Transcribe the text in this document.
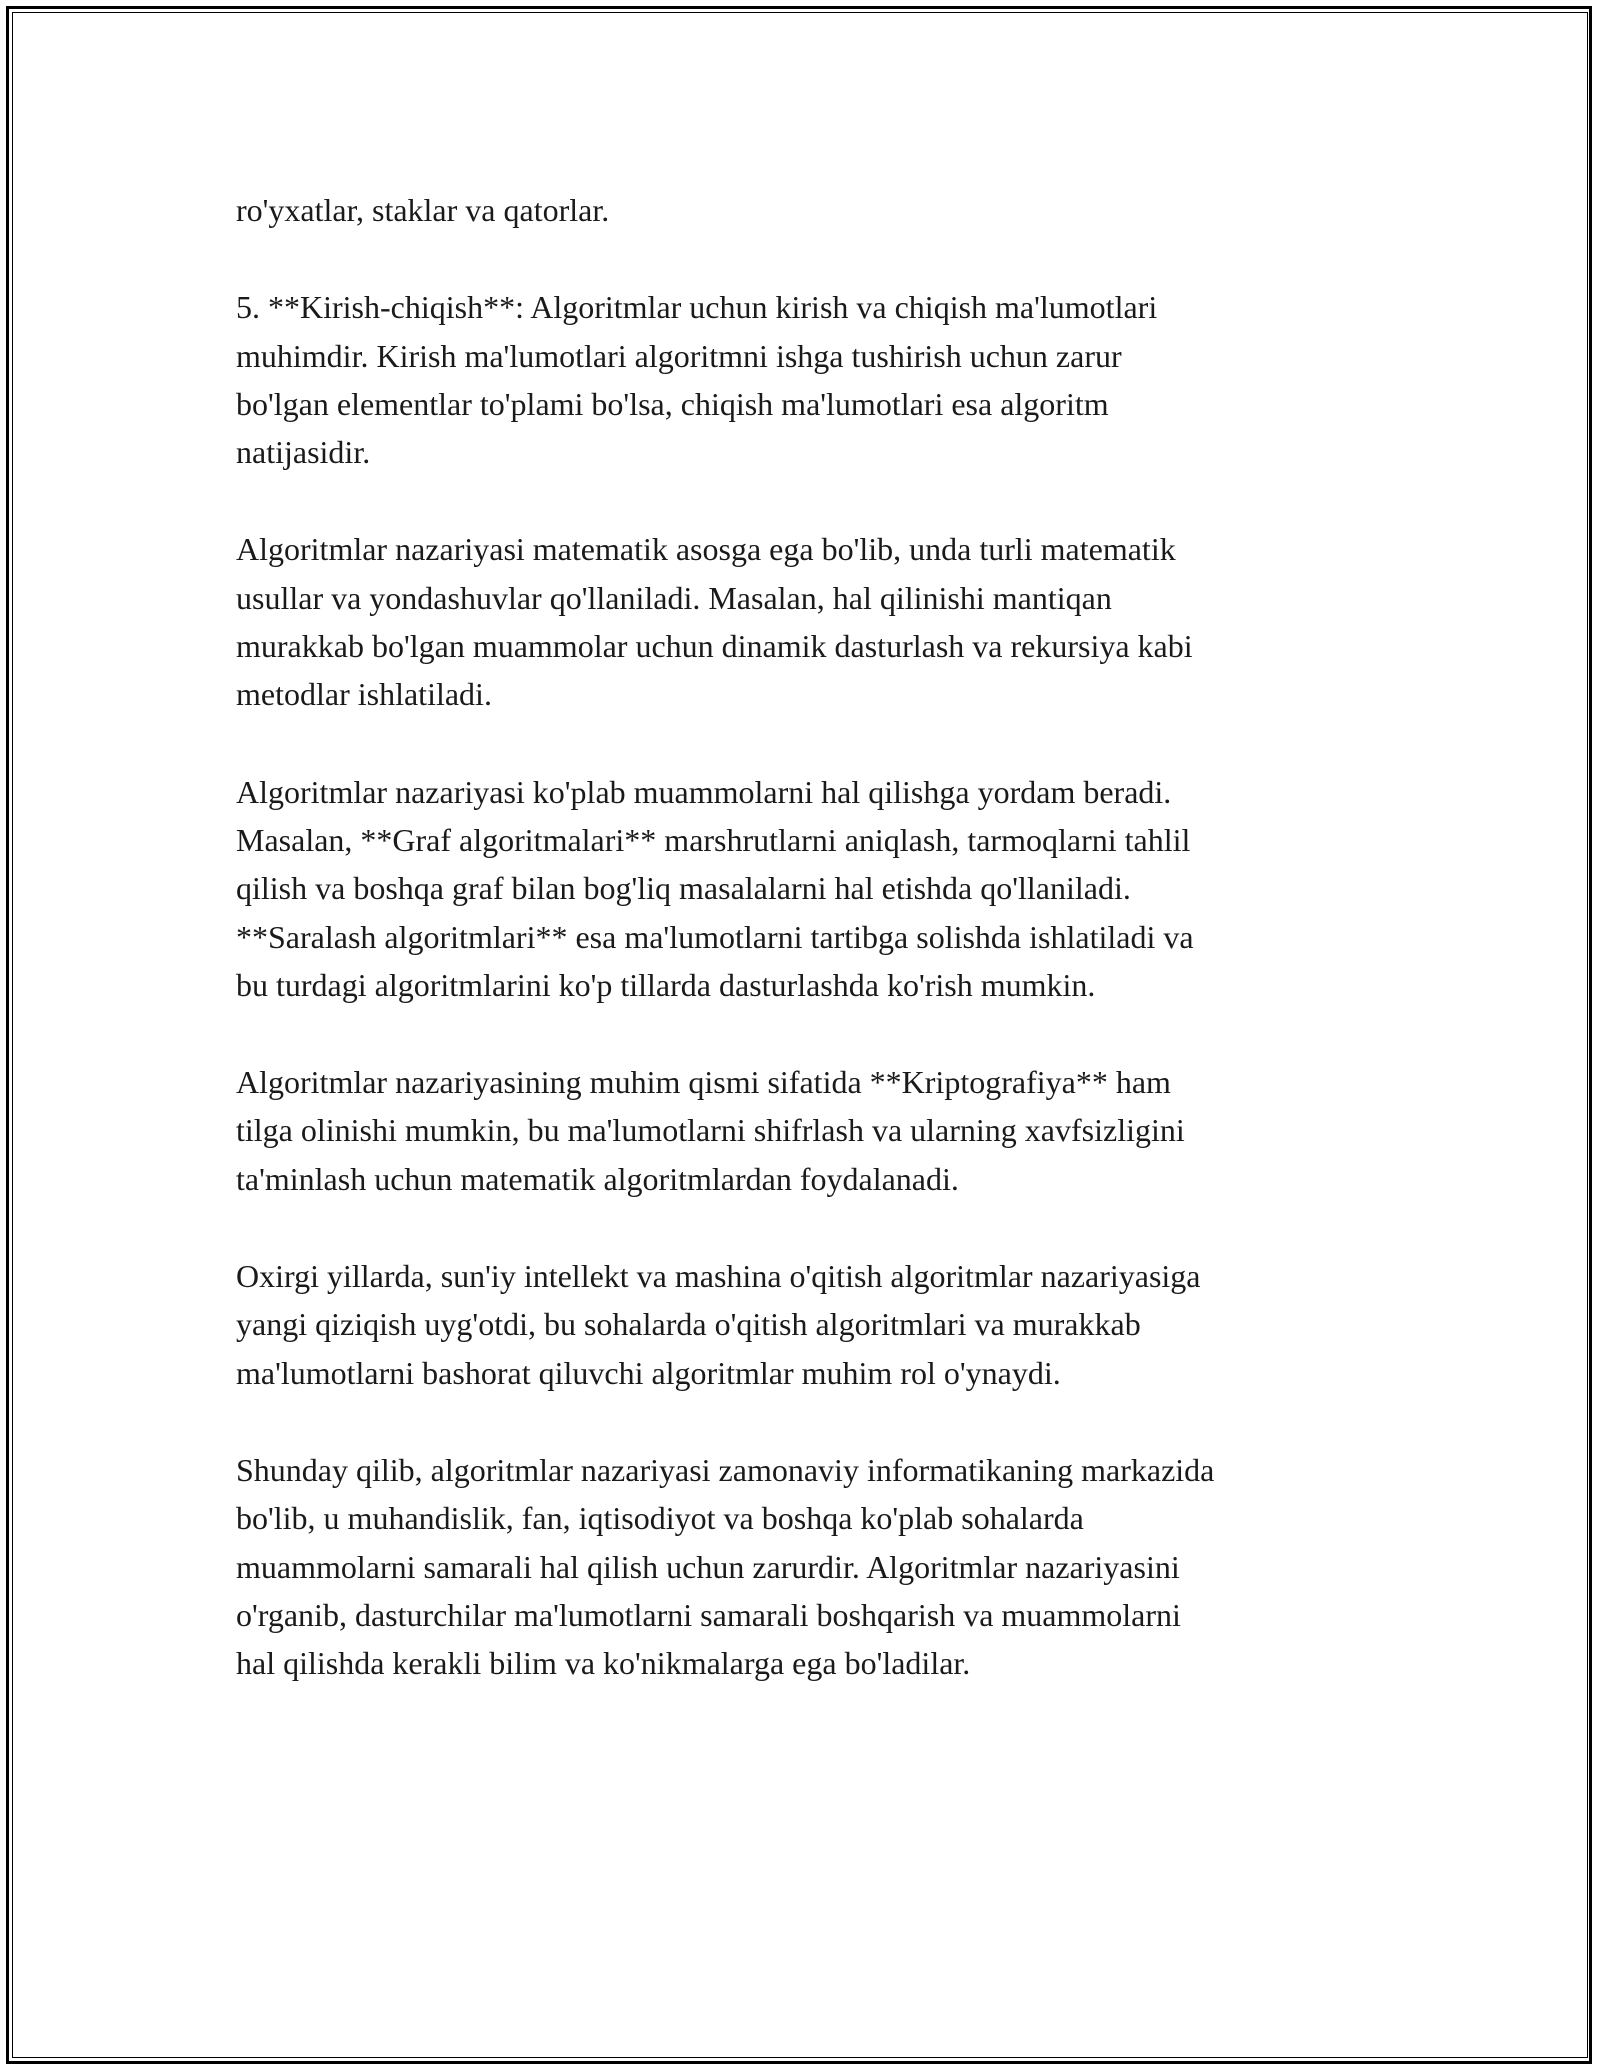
ro'yxatlar, staklar va qatorlar.

5. **Kirish-chiqish**: Algoritmlar uchun kirish va chiqish ma'lumotlari
muhimdir. Kirish ma'lumotlari algoritmni ishga tushirish uchun zarur
bo'lgan elementlar to'plami bo'lsa, chiqish ma'lumotlari esa algoritm
natijasidir.

Algoritmlar nazariyasi matematik asosga ega bo'lib, unda turli matematik
usullar va yondashuvlar qo'llaniladi. Masalan, hal qilinishi mantiqan
murakkab bo'lgan muammolar uchun dinamik dasturlash va rekursiya kabi
metodlar ishlatiladi.

Algoritmlar nazariyasi ko'plab muammolarni hal qilishga yordam beradi.
Masalan, **Graf algoritmalari** marshrutlarni aniqlash, tarmoqlarni tahlil
qilish va boshqa graf bilan bog'liq masalalarni hal etishda qo'llaniladi.
**Saralash algoritmlari** esa ma'lumotlarni tartibga solishda ishlatiladi va
bu turdagi algoritmlarini ko'p tillarda dasturlashda ko'rish mumkin.

Algoritmlar nazariyasining muhim qismi sifatida **Kriptografiya** ham
tilga olinishi mumkin, bu ma'lumotlarni shifrlash va ularning xavfsizligini
ta'minlash uchun matematik algoritmlardan foydalanadi.

Oxirgi yillarda, sun'iy intellekt va mashina o'qitish algoritmlar nazariyasiga
yangi qiziqish uyg'otdi, bu sohalarda o'qitish algoritmlari va murakkab
ma'lumotlarni bashorat qiluvchi algoritmlar muhim rol o'ynaydi.

Shunday qilib, algoritmlar nazariyasi zamonaviy informatikaning markazida
bo'lib, u muhandislik, fan, iqtisodiyot va boshqa ko'plab sohalarda
muammolarni samarali hal qilish uchun zarurdir. Algoritmlar nazariyasini
o'rganib, dasturchilar ma'lumotlarni samarali boshqarish va muammolarni
hal qilishda kerakli bilim va ko'nikmalarga ega bo'ladilar.
